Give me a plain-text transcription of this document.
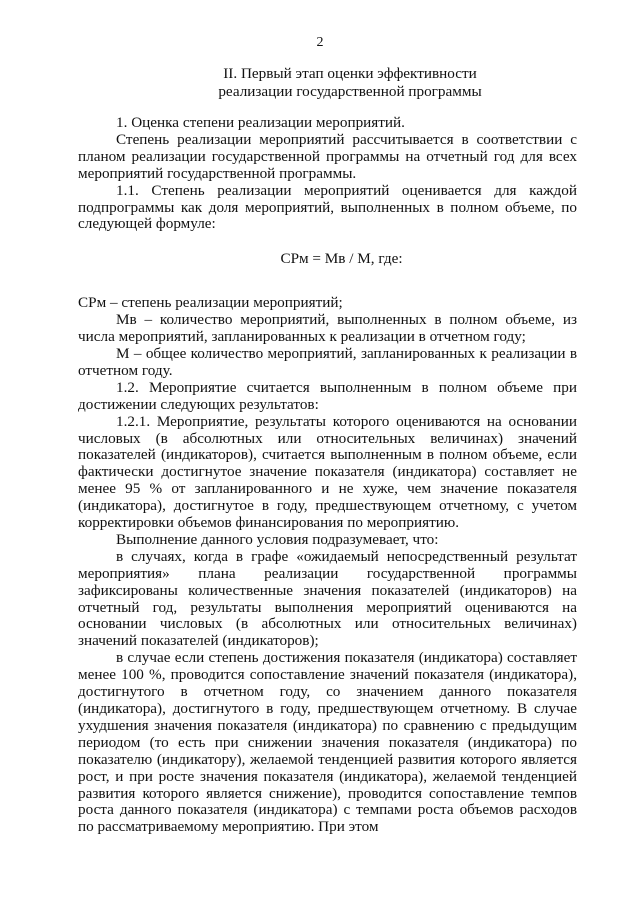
2
II. Первый этап оценки эффективности
реализации государственной программы

1. Оценка степени реализации мероприятий.

Степень реализации мероприятий рассчитывается в соответствии с планом реализации государственной программы на отчетный год для всех мероприятий государственной программы.

1.1. Степень реализации мероприятий оценивается для каждой подпрограммы как доля мероприятий, выполненных в полном объеме, по следующей формуле:

СРм = Мв / М, где:

СРм – степень реализации мероприятий;

Мв – количество мероприятий, выполненных в полном объеме, из числа мероприятий, запланированных к реализации в отчетном году;

М – общее количество мероприятий, запланированных к реализации в отчетном году.

1.2. Мероприятие считается выполненным в полном объеме при достижении следующих результатов:

1.2.1. Мероприятие, результаты которого оцениваются на основании числовых (в абсолютных или относительных величинах) значений показателей (индикаторов), считается выполненным в полном объеме, если фактически достигнутое значение показателя (индикатора) составляет не менее 95 % от запланированного и не хуже, чем значение показателя (индикатора), достигнутое в году, предшествующем отчетному, с учетом корректировки объемов финансирования по мероприятию.

Выполнение данного условия подразумевает, что:

в случаях, когда в графе «ожидаемый непосредственный результат мероприятия» плана реализации государственной программы зафиксированы количественные значения показателей (индикаторов) на отчетный год, результаты выполнения мероприятий оцениваются на основании числовых (в абсолютных или относительных величинах) значений показателей (индикаторов);

в случае если степень достижения показателя (индикатора) составляет менее 100 %, проводится сопоставление значений показателя (индикатора), достигнутого в отчетном году, со значением данного показателя (индикатора), достигнутого в году, предшествующем отчетному. В случае ухудшения значения показателя (индикатора) по сравнению с предыдущим периодом (то есть при снижении значения показателя (индикатора) по показателю (индикатору), желаемой тенденцией развития которого является рост, и при росте значения показателя (индикатора), желаемой тенденцией развития которого является снижение), проводится сопоставление темпов роста данного показателя (индикатора) с темпами роста объемов расходов по рассматриваемому мероприятию. При этом
